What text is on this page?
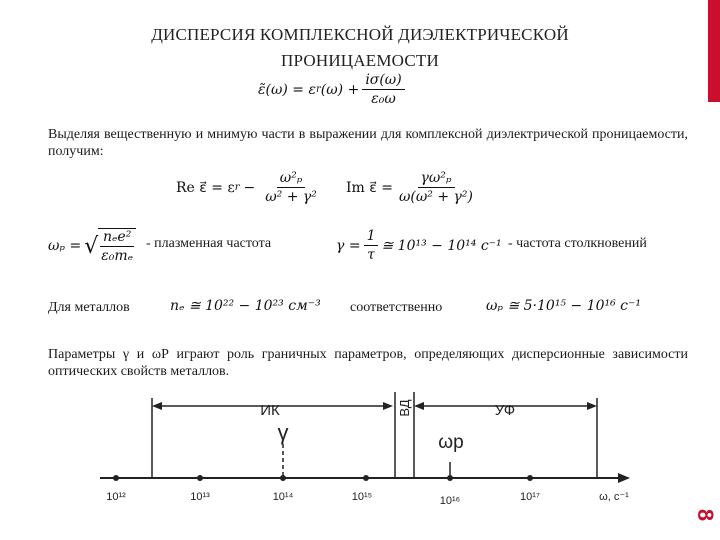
ДИСПЕРСИЯ КОМПЛЕКСНОЙ ДИЭЛЕКТРИЧЕСКОЙ
ПРОНИЦАЕМОСТИ
ε̃(ω) = ε r $(\omega) + \frac{i\sigma(\omega)}{\text{ε₀ω}}$
Выделяя вещественную и мнимую части в выражении для комплексной диэлектрической проницаемости, получим:
Re ε⃗ = ε $r - \frac{\text{ω²ₚ}}{\text{ω² + γ²}}$ Im ε⃗ = $\frac{\text{γω²ₚ}}{\text{ω(ω² + γ²)}}$
ωₚ = √ $\frac{\text{nₑe²}}{\text{ε₀mₑ}}$ - плазменная частота	$\gamma = \frac{1}{\tau}$ ≅ 10¹³ − 10¹⁴ c⁻¹ - частота столкновений
Для металлов	nₑ ≅ 10²² − 10²³ cм⁻³ соответственно	ωₚ ≅ 5·10¹⁵ − 10¹⁶ c⁻¹
Параметры γ и ωР играют роль граничных параметров, определяющих дисперсионные зависимости оптических свойств металлов.
10¹²	10¹³	10¹⁴	10¹⁵	10¹⁶	10¹⁷	ω, с⁻¹
ИК	УФ
ВД
γ	ωр
8
